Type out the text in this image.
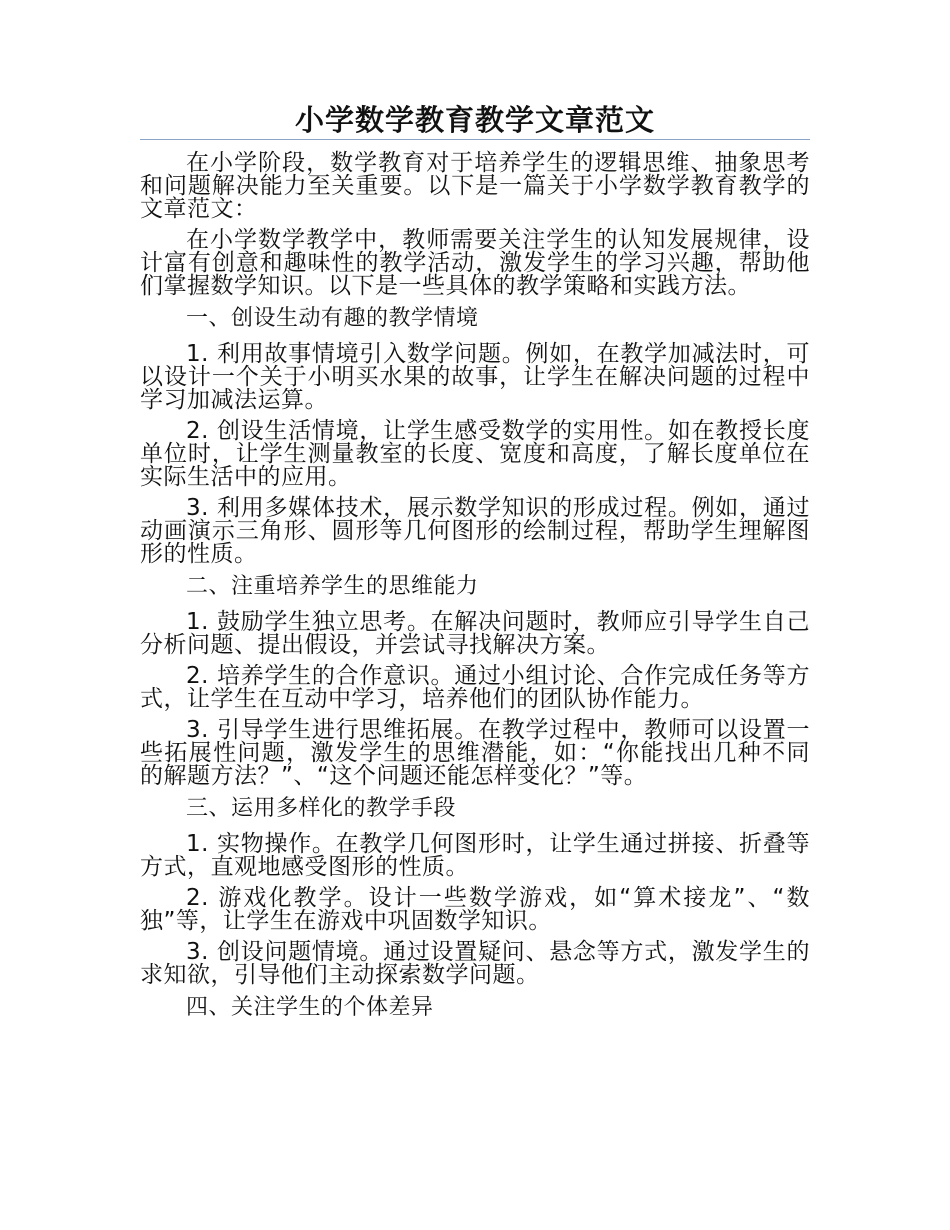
小学数学教育教学文章范文

在小学阶段，数学教育对于培养学生的逻辑思维、抽象思考和问题解决能力至关重要。以下是一篇关于小学数学教育教学的文章范文：

在小学数学教学中，教师需要关注学生的认知发展规律，设计富有创意和趣味性的教学活动，激发学生的学习兴趣，帮助他们掌握数学知识。以下是一些具体的教学策略和实践方法。

一、创设生动有趣的教学情境

1. 利用故事情境引入数学问题。例如，在教学加减法时，可以设计一个关于小明买水果的故事，让学生在解决问题的过程中学习加减法运算。

2. 创设生活情境，让学生感受数学的实用性。如在教授长度单位时，让学生测量教室的长度、宽度和高度，了解长度单位在实际生活中的应用。

3. 利用多媒体技术，展示数学知识的形成过程。例如，通过动画演示三角形、圆形等几何图形的绘制过程，帮助学生理解图形的性质。

二、注重培养学生的思维能力

1. 鼓励学生独立思考。在解决问题时，教师应引导学生自己分析问题、提出假设，并尝试寻找解决方案。

2. 培养学生的合作意识。通过小组讨论、合作完成任务等方式，让学生在互动中学习，培养他们的团队协作能力。

3. 引导学生进行思维拓展。在教学过程中，教师可以设置一些拓展性问题，激发学生的思维潜能，如：“你能找出几种不同的解题方法？”、“这个问题还能怎样变化？”等。

三、运用多样化的教学手段

1. 实物操作。在教学几何图形时，让学生通过拼接、折叠等方式，直观地感受图形的性质。

2. 游戏化教学。设计一些数学游戏，如“算术接龙”、“数独”等，让学生在游戏中巩固数学知识。

3. 创设问题情境。通过设置疑问、悬念等方式，激发学生的求知欲，引导他们主动探索数学问题。

四、关注学生的个体差异
